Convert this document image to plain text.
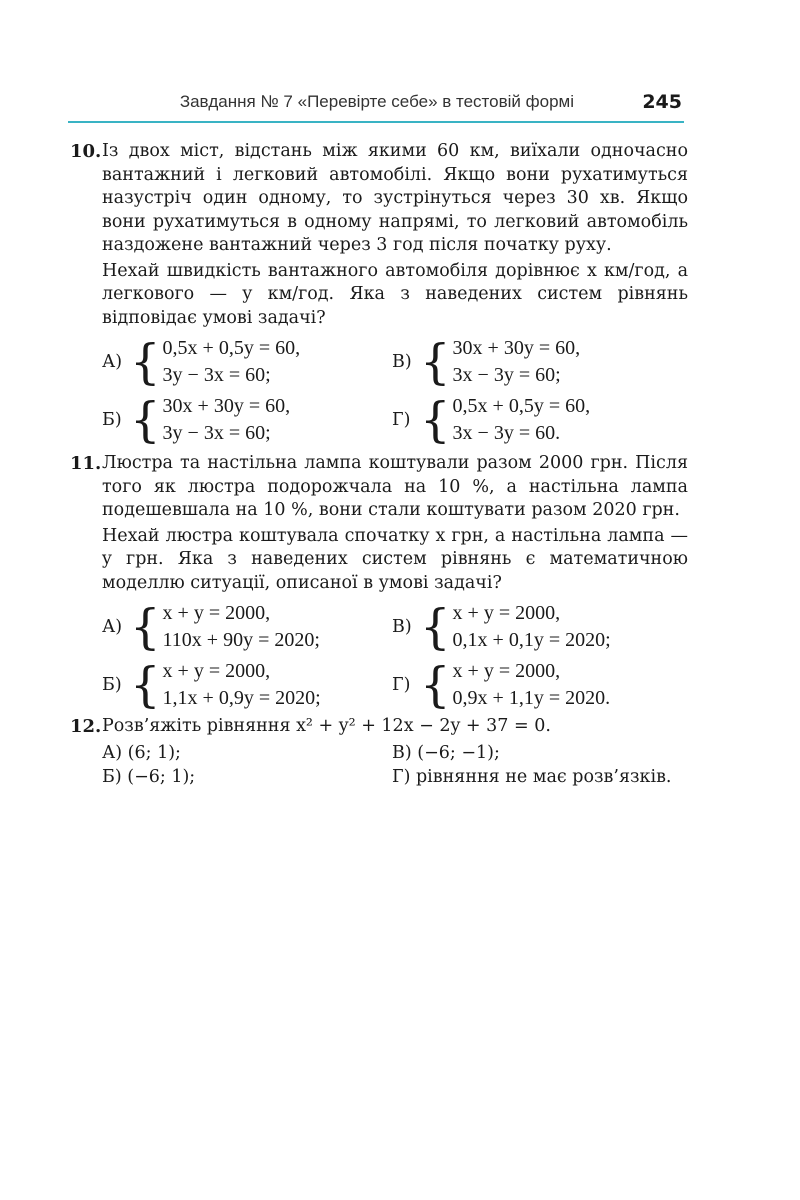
Завдання № 7 «Перевірте себе» в тестовій формі	245
10. Із двох міст, відстань між якими 60 км, виїхали одночасно вантажний і легковий автомобілі. Якщо вони рухатимуться назустріч один одному, то зустрінуться через 30 хв. Якщо вони рухатимуться в одному напрямі, то легковий автомобіль наздожене вантажний через 3 год після початку руху.

Нехай швидкість вантажного автомобіля дорівнює x км/год, а легкового — y км/год. Яка з наведених систем рівнянь відповідає умові задачі?

А) { 0,5x + 0,5y = 60,
3y − 3x = 60;
В) { 30x + 30y = 60,
3x − 3y = 60;
Б) { 30x + 30y = 60,
3y − 3x = 60;
Г) { 0,5x + 0,5y = 60,
3x − 3y = 60.
11. Люстра та настільна лампа коштували разом 2000 грн. Після того як люстра подорожчала на 10 %, а настільна лампа подешевшала на 10 %, вони стали коштувати разом 2020 грн.

Нехай люстра коштувала спочатку x грн, а настільна лампа — y грн. Яка з наведених систем рівнянь є математичною моделлю ситуації, описаної в умові задачі?

А) { x + y = 2000,
110x + 90y = 2020;
В) { x + y = 2000,
0,1x + 0,1y = 2020;
Б) { x + y = 2000,
1,1x + 0,9y = 2020;
Г) { x + y = 2000,
0,9x + 1,1y = 2020.
12. Розв’яжіть рівняння x² + y² + 12x − 2y + 37 = 0.

А) (6; 1);	В) (−6; −1);
Б) (−6; 1);	Г) рівняння не має розв’язків.
